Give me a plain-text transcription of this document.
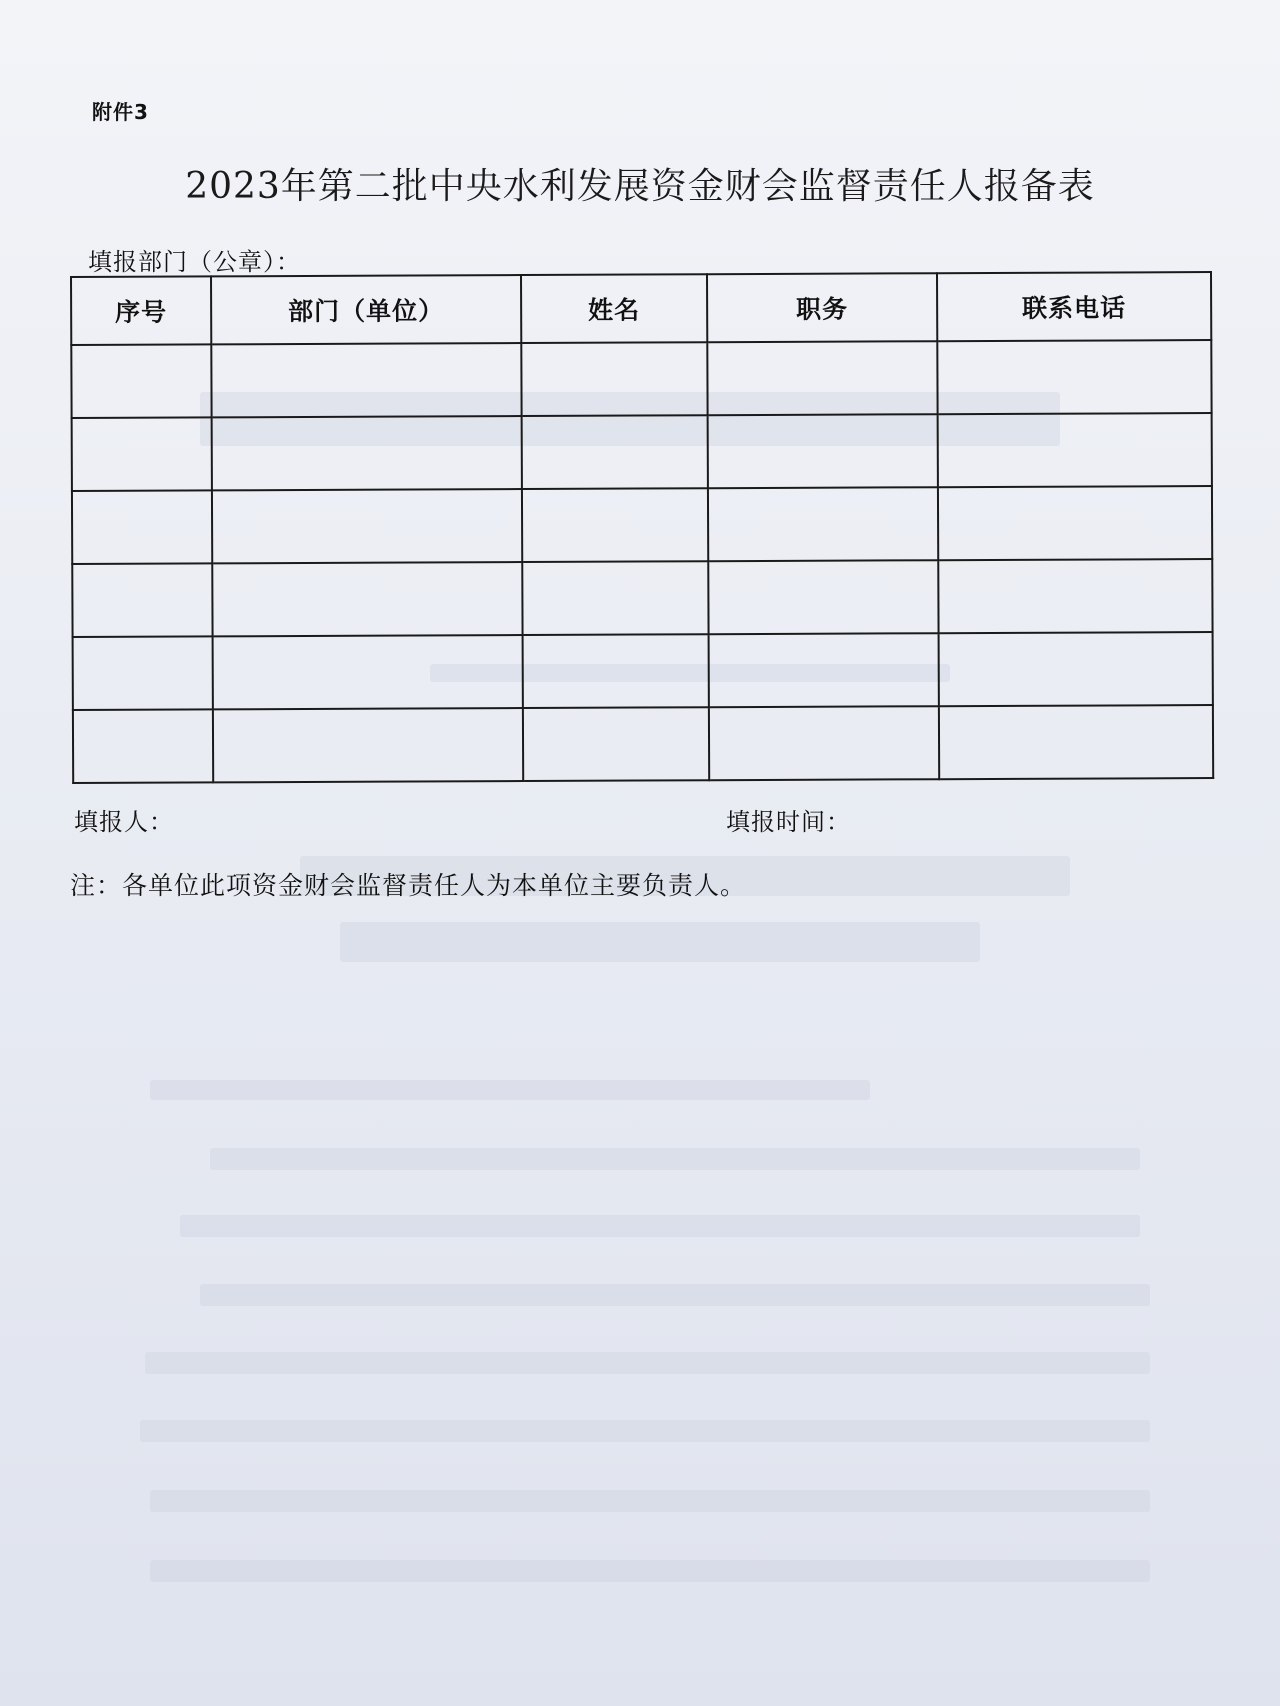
附件3
2023年第二批中央水利发展资金财会监督责任人报备表
填报部门（公章）：
序号	部门（单位）	姓名	职务	联系电话

填报人：	填报时间：
注：各单位此项资金财会监督责任人为本单位主要负责人。
